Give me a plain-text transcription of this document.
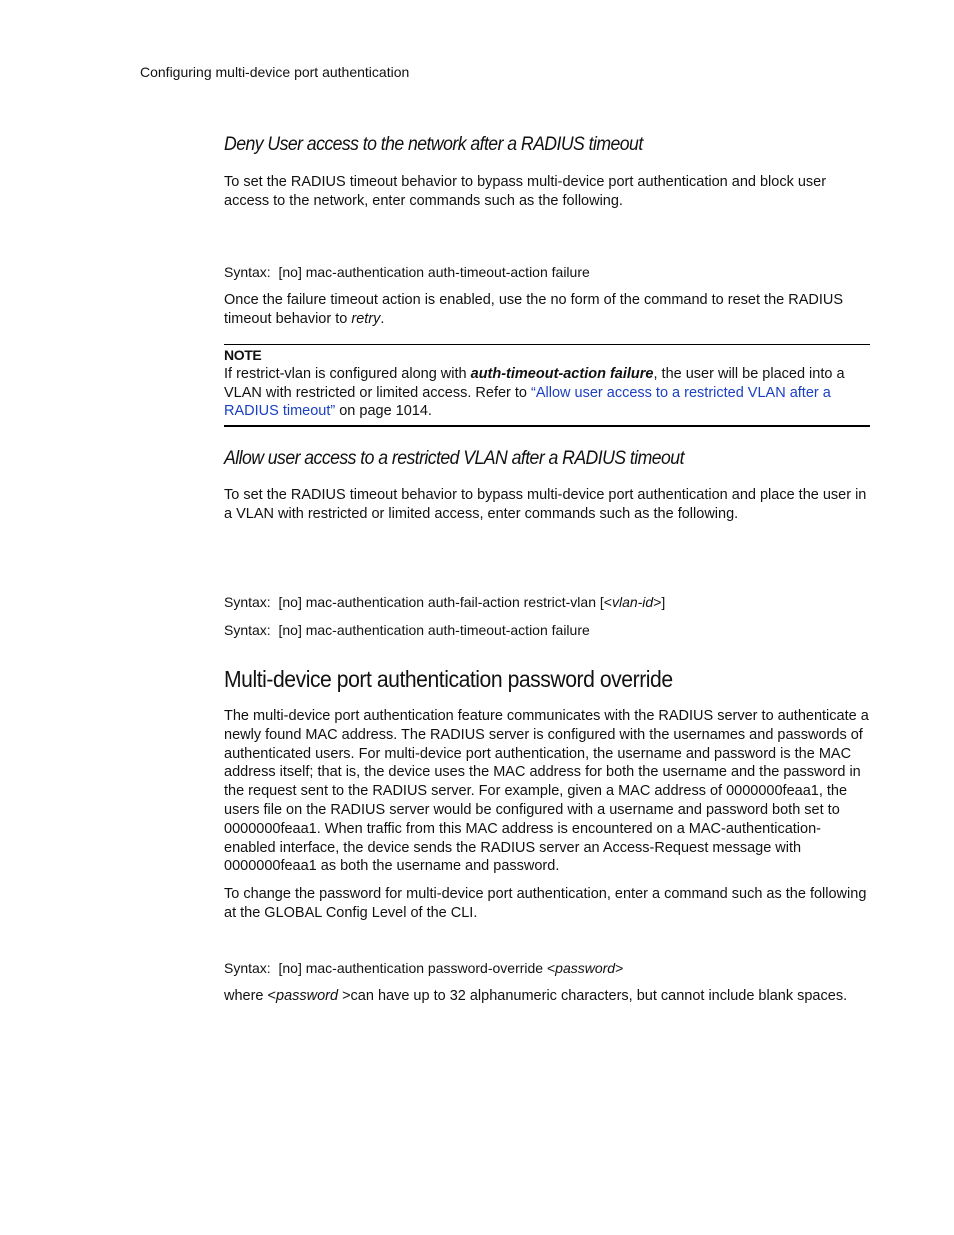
Configuring multi-device port authentication
Deny User access to the network after a RADIUS timeout
To set the RADIUS timeout behavior to bypass multi-device port authentication and block user access to the network, enter commands such as the following.
Syntax: [no] mac-authentication auth-timeout-action failure
Once the failure timeout action is enabled, use the no form of the command to reset the RADIUS timeout behavior to retry.
NOTE
If restrict-vlan is configured along with auth-timeout-action failure, the user will be placed into a VLAN with restricted or limited access. Refer to “Allow user access to a restricted VLAN after a RADIUS timeout” on page 1014.
Allow user access to a restricted VLAN after a RADIUS timeout
To set the RADIUS timeout behavior to bypass multi-device port authentication and place the user in a VLAN with restricted or limited access, enter commands such as the following.
Syntax: [no] mac-authentication auth-fail-action restrict-vlan [<vlan-id>]
Syntax: [no] mac-authentication auth-timeout-action failure
Multi-device port authentication password override
The multi-device port authentication feature communicates with the RADIUS server to authenticate a newly found MAC address. The RADIUS server is configured with the usernames and passwords of authenticated users. For multi-device port authentication, the username and password is the MAC address itself; that is, the device uses the MAC address for both the username and the password in the request sent to the RADIUS server. For example, given a MAC address of 0000000feaa1, the users file on the RADIUS server would be configured with a username and password both set to 0000000feaa1. When traffic from this MAC address is encountered on a MAC-authentication-enabled interface, the device sends the RADIUS server an Access-Request message with 0000000feaa1 as both the username and password.
To change the password for multi-device port authentication, enter a command such as the following at the GLOBAL Config Level of the CLI.
Syntax: [no] mac-authentication password-override <password>
where <password >can have up to 32 alphanumeric characters, but cannot include blank spaces.
